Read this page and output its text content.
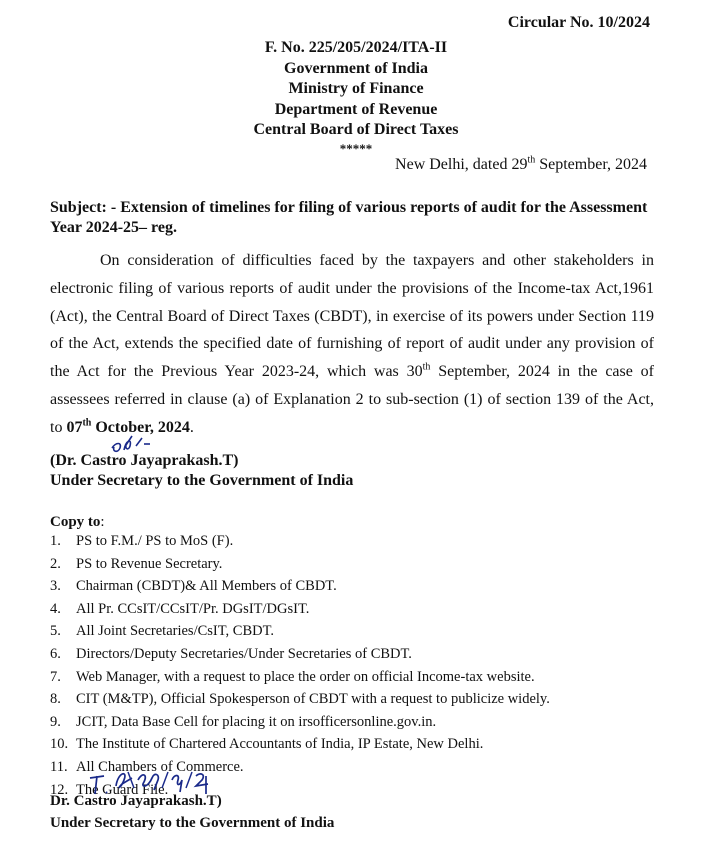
Circular No. 10/2024
F. No. 225/205/2024/ITA-II
Government of India
Ministry of Finance
Department of Revenue
Central Board of Direct Taxes
*****
New Delhi, dated 29th September, 2024
Subject: - Extension of timelines for filing of various reports of audit for the Assessment Year 2024-25– reg.
On consideration of difficulties faced by the taxpayers and other stakeholders in electronic filing of various reports of audit under the provisions of the Income-tax Act,1961 (Act), the Central Board of Direct Taxes (CBDT), in exercise of its powers under Section 119 of the Act, extends the specified date of furnishing of report of audit under any provision of the Act for the Previous Year 2023-24, which was 30th September, 2024 in the case of assessees referred in clause (a) of Explanation 2 to sub-section (1) of section 139 of the Act, to 07th October, 2024.
(Dr. Castro Jayaprakash.T)
Under Secretary to the Government of India
Copy to:
1.	PS to F.M./ PS to MoS (F).
2.	PS to Revenue Secretary.
3.	Chairman (CBDT)& All Members of CBDT.
4.	All Pr. CCsIT/CCsIT/Pr. DGsIT/DGsIT.
5.	All Joint Secretaries/CsIT, CBDT.
6.	Directors/Deputy Secretaries/Under Secretaries of CBDT.
7.	Web Manager, with a request to place the order on official Income-tax website.
8.	CIT (M&TP), Official Spokesperson of CBDT with a request to publicize widely.
9.	JCIT, Data Base Cell for placing it on irsofficersonline.gov.in.
10. The Institute of Chartered Accountants of India, IP Estate, New Delhi.
11. All Chambers of Commerce.
12. The Guard File.
Dr. Castro Jayaprakash.T)
Under Secretary to the Government of India
